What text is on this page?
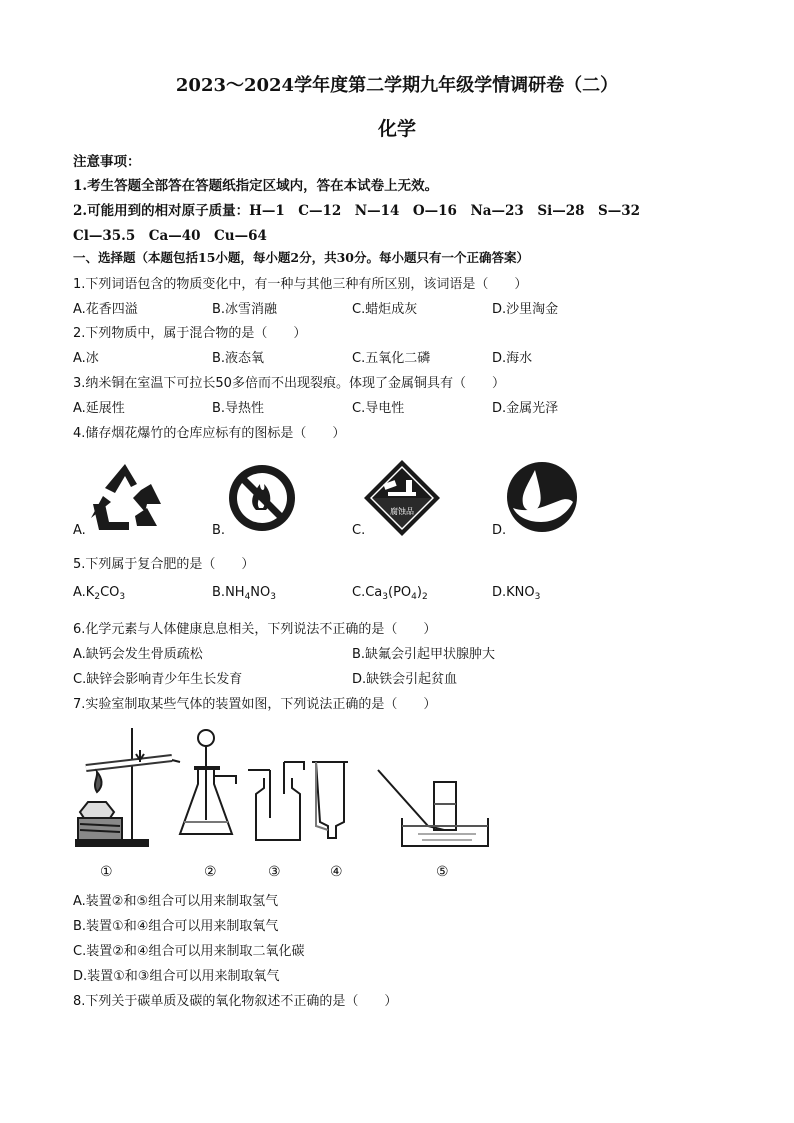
2023～2024学年度第二学期九年级学情调研卷（二）
化学
注意事项：
1.考生答题全部答在答题纸指定区域内，答在本试卷上无效。
2.可能用到的相对原子质量：H—1　C—12　N—14　O—16　Na—23　Si—28　S—32
Cl—35.5　Ca—40　Cu—64
一、选择题（本题包括15小题，每小题2分，共30分。每小题只有一个正确答案）
1.下列词语包含的物质变化中，有一种与其他三种有所区别，该词语是（　　）
A.花香四溢	B.冰雪消融	C.蜡炬成灰	D.沙里淘金
2.下列物质中，属于混合物的是（　　）
A.冰	B.液态氧	C.五氧化二磷	D.海水
3.纳米铜在室温下可拉长50多倍而不出现裂痕。体现了金属铜具有（　　）
A.延展性	B.导热性	C.导电性	D.金属光泽
4.储存烟花爆竹的仓库应标有的图标是（　　）
A.	B.
腐蚀品
C.	D.
5.下列属于复合肥的是（　　）
$A.K_2CO_3$	$B.NH_4NO_3$	$C.Ca_3(PO_4)_2$	$D.KNO_3$
6.化学元素与人体健康息息相关，下列说法不正确的是（　　）
A.缺钙会发生骨质疏松	B.缺氟会引起甲状腺肿大
C.缺锌会影响青少年生长发育	D.缺铁会引起贫血
7.实验室制取某些气体的装置如图，下列说法正确的是（　　）
①	②	③	④	⑤
A.装置②和⑤组合可以用来制取氢气
B.装置①和④组合可以用来制取氧气
C.装置②和④组合可以用来制取二氧化碳
D.装置①和③组合可以用来制取氧气
8.下列关于碳单质及碳的氧化物叙述不正确的是（　　）
